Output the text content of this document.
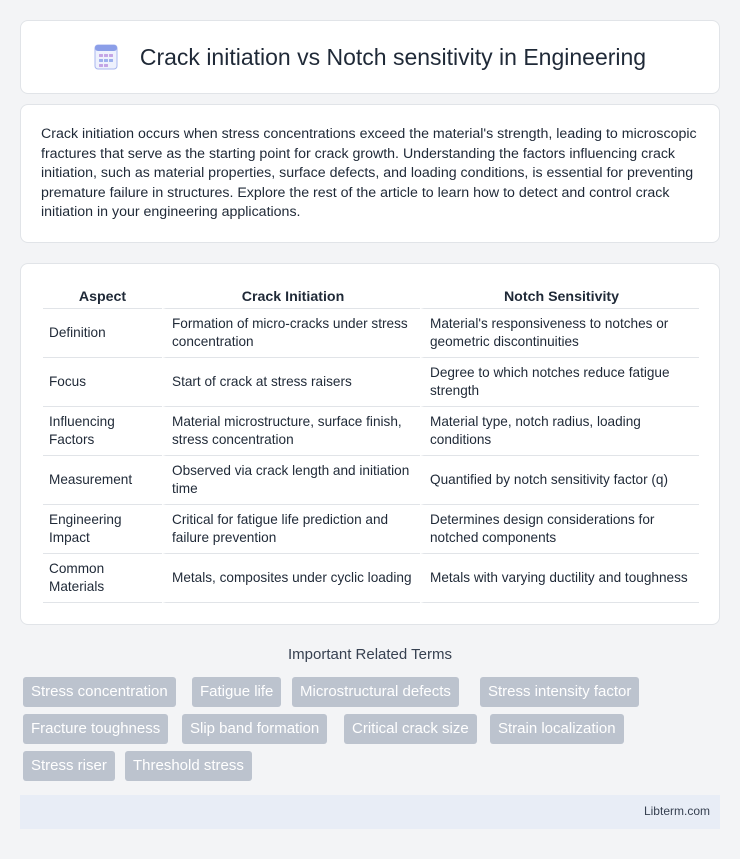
Crack initiation vs Notch sensitivity in Engineering

Crack initiation occurs when stress concentrations exceed the material's strength, leading to microscopic fractures that serve as the starting point for crack growth. Understanding the factors influencing crack initiation, such as material properties, surface defects, and loading conditions, is essential for preventing premature failure in structures. Explore the rest of the article to learn how to detect and control crack initiation in your engineering applications.

Aspect	Crack Initiation	Notch Sensitivity
Definition	Formation of micro-cracks under stress concentration	Material's responsiveness to notches or geometric discontinuities
Focus	Start of crack at stress raisers	Degree to which notches reduce fatigue strength
Influencing Factors	Material microstructure, surface finish, stress concentration	Material type, notch radius, loading conditions
Measurement	Observed via crack length and initiation time	Quantified by notch sensitivity factor (q)
Engineering Impact	Critical for fatigue life prediction and failure prevention	Determines design considerations for notched components
Common Materials	Metals, composites under cyclic loading	Metals with varying ductility and toughness
Important Related Terms
Stress concentration	Fatigue life	Microstructural defects	Stress intensity factor
Fracture toughness	Slip band formation	Critical crack size	Strain localization
Stress riser	Threshold stress
Libterm.com
